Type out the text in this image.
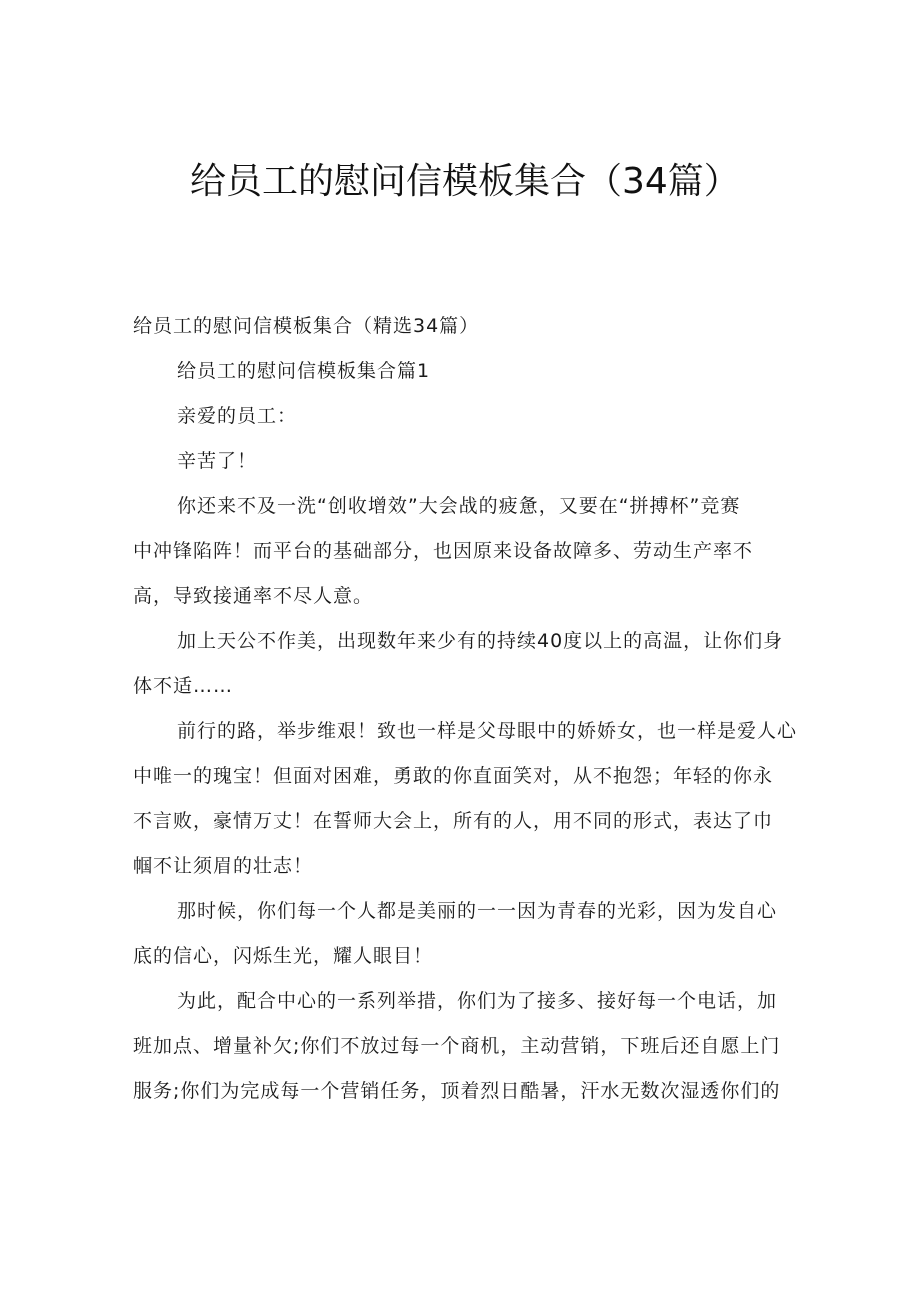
给员工的慰问信模板集合（34篇）
给员工的慰问信模板集合（精选34篇）
给员工的慰问信模板集合篇1
亲爱的员工：
辛苦了！
你还来不及一洗“创收增效”大会战的疲惫，又要在“拼搏杯”竞赛
中冲锋陷阵！而平台的基础部分，也因原来设备故障多、劳动生产率不
高，导致接通率不尽人意。
加上天公不作美，出现数年来少有的持续40度以上的高温，让你们身
体不适……
前行的路，举步维艰！致也一样是父母眼中的娇娇女，也一样是爱人心
中唯一的瑰宝！但面对困难，勇敢的你直面笑对，从不抱怨；年轻的你永
不言败，豪情万丈！在誓师大会上，所有的人，用不同的形式，表达了巾
帼不让须眉的壮志！
那时候，你们每一个人都是美丽的一一因为青春的光彩，因为发自心
底的信心，闪烁生光，耀人眼目！
为此，配合中心的一系列举措，你们为了接多、接好每一个电话，加
班加点、增量补欠;你们不放过每一个商机，主动营销，下班后还自愿上门
服务;你们为完成每一个营销任务，顶着烈日酷暑，汗水无数次湿透你们的
